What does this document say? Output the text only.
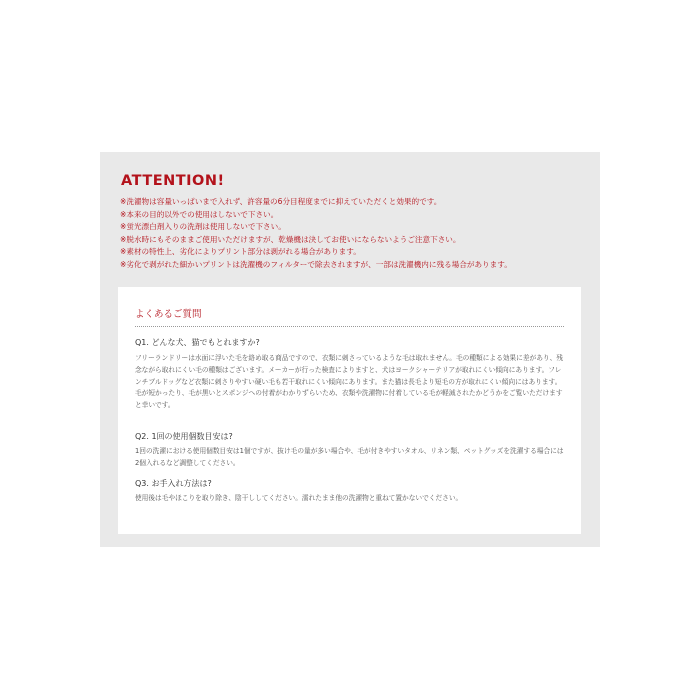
ATTENTION!
※洗濯物は容量いっぱいまで入れず、許容量の6分目程度までに抑えていただくと効果的です。
※本来の目的以外での使用はしないで下さい。
※蛍光漂白剤入りの洗剤は使用しないで下さい。
※脱水時にもそのままご使用いただけますが、乾燥機は決してお使いにならないようご注意下さい。
※素材の特性上、劣化によりプリント部分は剥がれる場合があります。
※劣化で剥がれた細かいプリントは洗濯機のフィルターで除去されますが、一部は洗濯機内に残る場合があります。
よくあるご質問
Q1. どんな犬、猫でもとれますか?
フリーランドリーは水面に浮いた毛を絡め取る商品ですので、衣類に刺さっているような毛は取れません。毛の種類による効果に差があり、残念ながら取れにくい毛の種類はございます。メーカーが行った検査によりますと、犬はヨークシャーテリアが取れにくい傾向にあります。フレンチブルドッグなど衣類に刺さりやすい硬い毛も若干取れにくい傾向にあります。また猫は長毛より短毛の方が取れにくい傾向にはあります。毛が短かったり、毛が黒いとスポンジへの付着がわかりずらいため、衣類や洗濯物に付着している毛が軽減されたかどうかをご覧いただけますと幸いです。
Q2. 1回の使用個数目安は?
1回の洗濯における使用個数目安は1個ですが、抜け毛の量が多い場合や、毛が付きやすいタオル、リネン類、ペットグッズを洗濯する場合には2個入れるなど調整してください。
Q3. お手入れ方法は?
使用後は毛やほこりを取り除き、陰干ししてください。濡れたまま他の洗濯物と重ねて置かないでください。
